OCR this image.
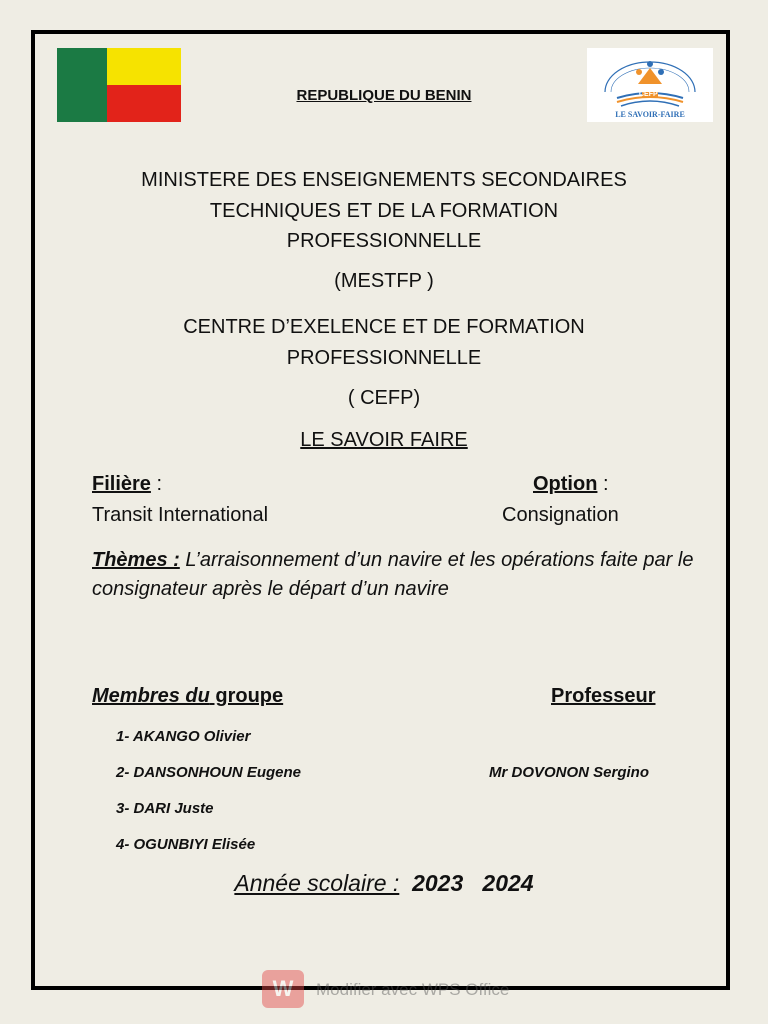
CEFP
LE SAVOIR-FAIRE
REPUBLIQUE DU BENIN
MINISTERE DES ENSEIGNEMENTS SECONDAIRES
TECHNIQUES ET DE LA FORMATION
PROFESSIONNELLE
(MESTFP )
CENTRE D’EXELENCE ET DE FORMATION
PROFESSIONNELLE
( CEFP)
LE SAVOIR FAIRE
Filière :
Transit International
Option :
Consignation
Thèmes : L’arraisonnement d’un navire et les opérations faite par le consignateur après le départ d’un navire
Membres du groupe	Professeur
1- AKANGO Olivier
2- DANSONHOUN Eugene
3- DARI Juste
4- OGUNBIYI Elisée
Mr DOVONON Sergino
Année scolaire :  2023   2024
W	Modifier avec WPS Office
